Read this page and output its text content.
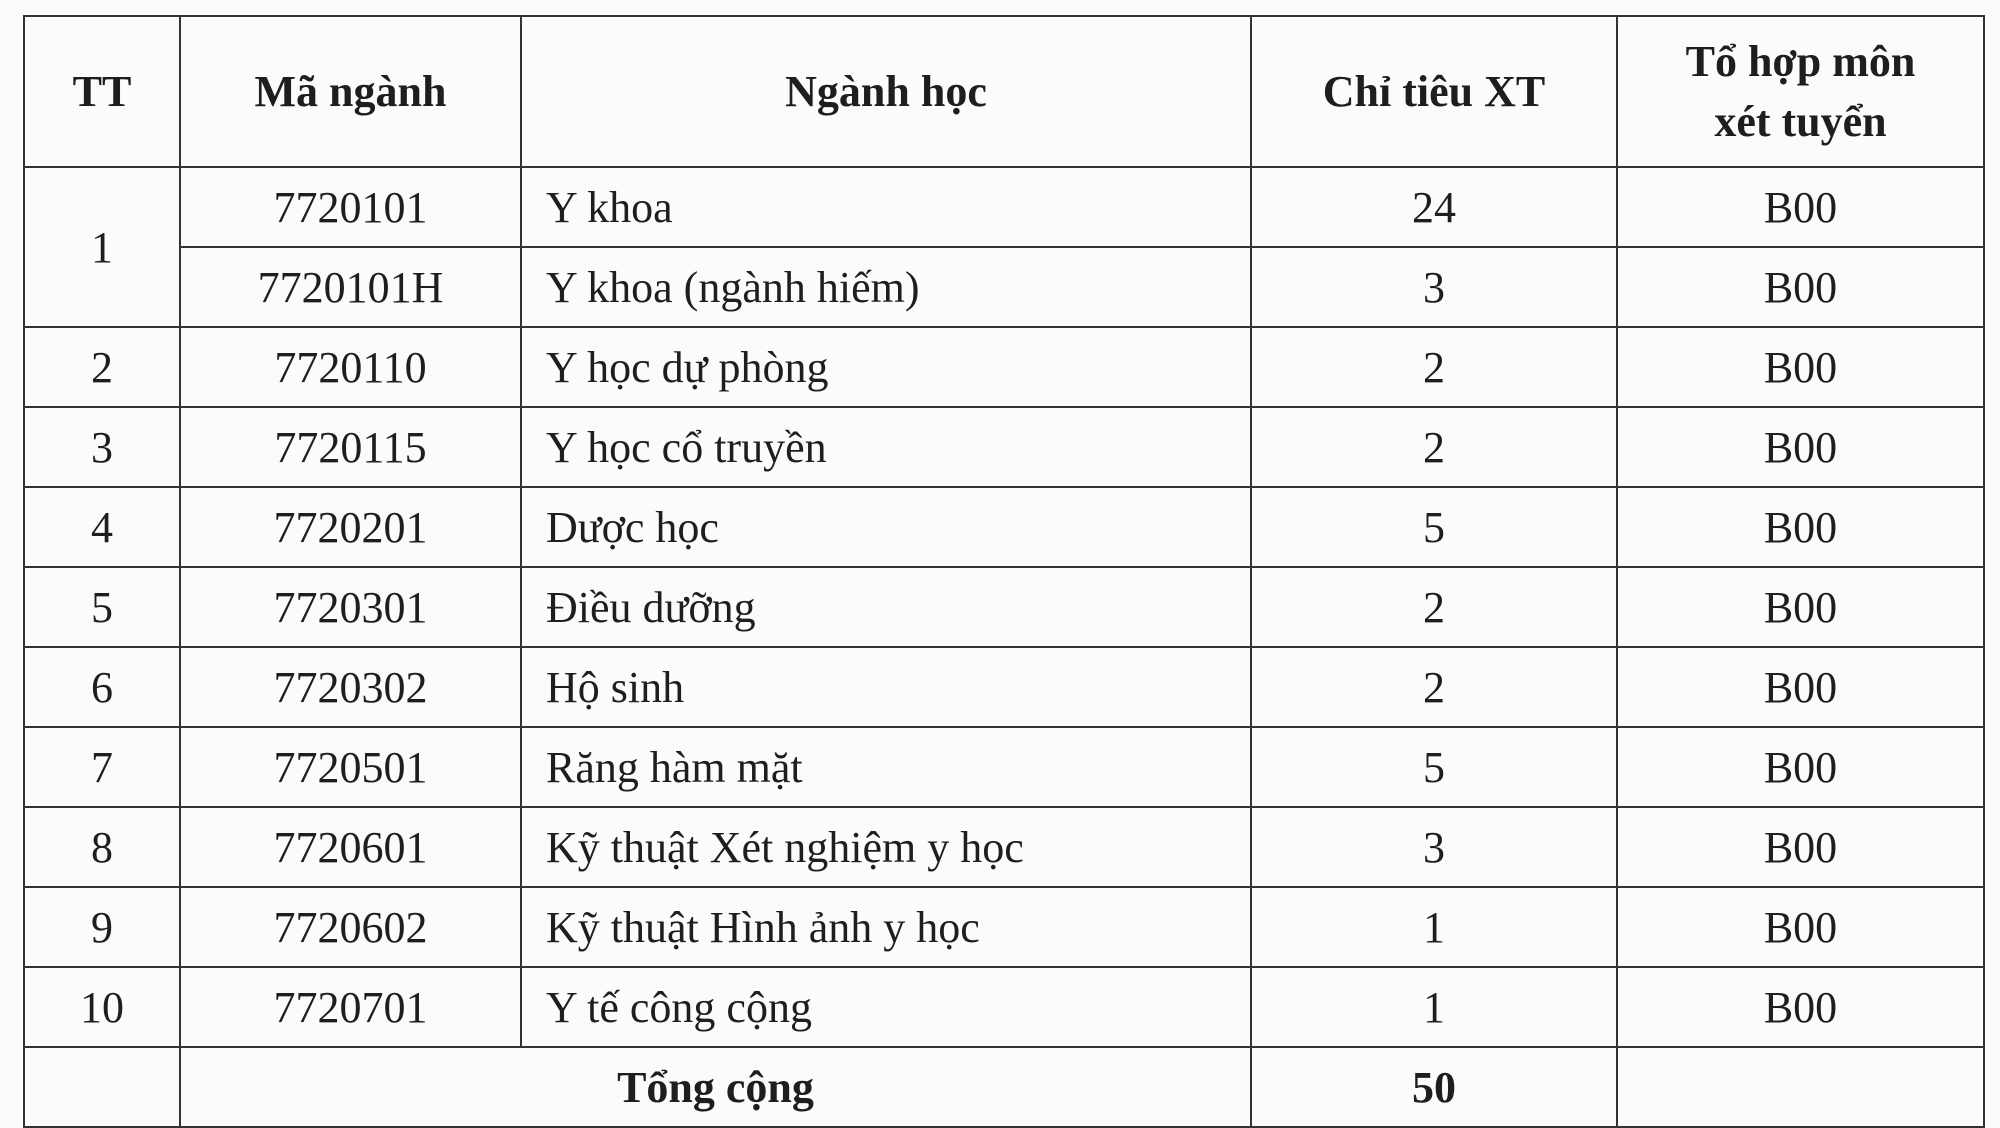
TT	Mã ngành	Ngành học	Chỉ tiêu XT	Tổ hợp môn
xét tuyển
1	7720101	Y khoa	24	B00
	7720101H	Y khoa (ngành hiếm)	3	B00
2	7720110	Y học dự phòng	2	B00
3	7720115	Y học cổ truyền	2	B00
4	7720201	Dược học	5	B00
5	7720301	Điều dưỡng	2	B00
6	7720302	Hộ sinh	2	B00
7	7720501	Răng hàm mặt	5	B00
8	7720601	Kỹ thuật Xét nghiệm y học	3	B00
9	7720602	Kỹ thuật Hình ảnh y học	1	B00
10	7720701	Y tế công cộng	1	B00
	Tổng cộng		50	
